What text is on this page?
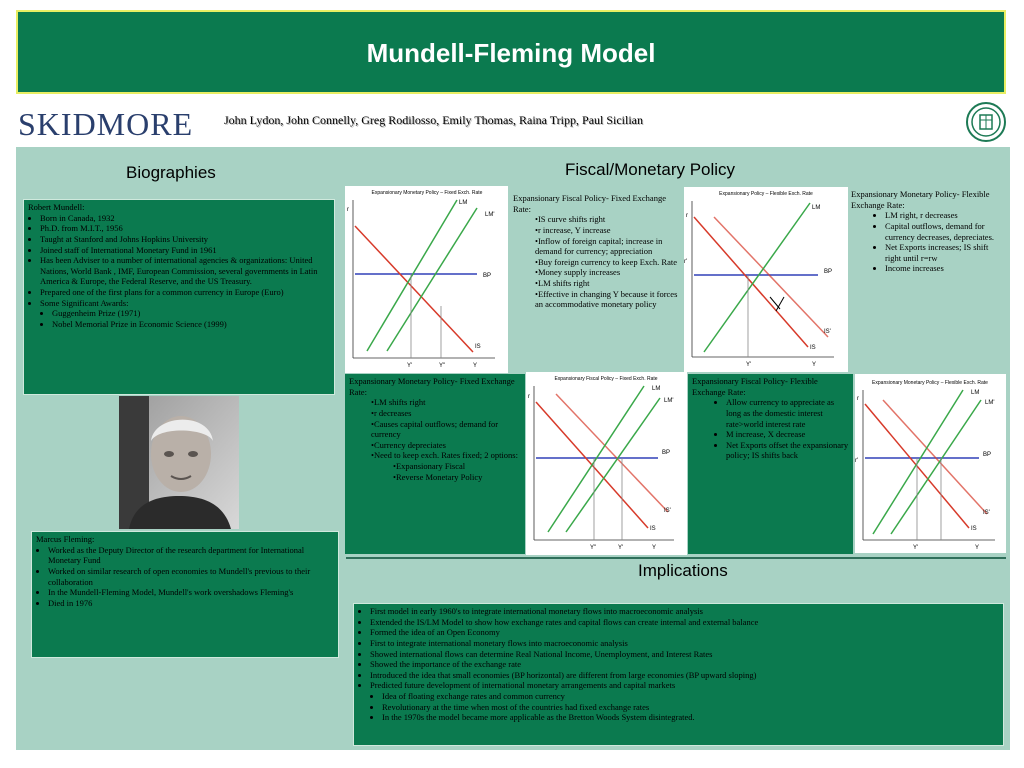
Mundell-Fleming Model
SKIDMORE	John Lydon, John Connelly, Greg Rodilosso, Emily Thomas, Raina Tripp, Paul Sicilian
Biographies
Robert Mundell:
• Born in Canada, 1932
• Ph.D. from M.I.T., 1956
• Taught at Stanford and Johns Hopkins University
• Joined staff of International Monetary Fund in 1961
• Has been Adviser to a number of international agencies & organizations: United Nations, World Bank , IMF, European Commission, several governments in Latin America & Europe, the Federal Reserve, and the US Treasury.
• Prepared one of the first plans for a common currency in Europe (Euro)
• Some Significant Awards:
• Guggenheim Prize (1971)
• Nobel Memorial Prize in Economic Science (1999)
Marcus Fleming:
• Worked as the Deputy Director of the research department for International Monetary Fund
• Worked on similar research of open economies to Mundell's previous to their collaboration
• In the Mundell-Fleming Model, Mundell's work overshadows Fleming's
• Died in 1976
Fiscal/Monetary Policy
Expansionary Monetary Policy – Fixed Exch. Rate
r
LM
LM'
BP
IS
Y'	Y"	Y
Expansionary Fiscal Policy- Fixed Exchange Rate:
•IS curve shifts right
•r increase, Y increase
•Inflow of foreign capital; increase in demand for currency; appreciation
•Buy foreign currency to keep Exch. Rate
•Money supply increases
•LM shifts right
•Effective in changing Y because it forces an accommodative monetary policy
Expansionary Policy – Flexible Exch. Rate
r
r'
LM
BP
IS'
IS
Y'	Y
Expansionary Monetary Policy- Flexible Exchange Rate:
• LM right, r decreases
• Capital outflows, demand for currency decreases, depreciates.
• Net Exports increases; IS shift right until r=rw
• Income increases
Expansionary Monetary Policy- Fixed Exchange Rate:
•LM shifts right
•r decreases
•Causes capital outflows; demand for currency
•Currency depreciates
•Need to keep exch. Rates fixed; 2 options:
•Expansionary Fiscal
•Reverse Monetary Policy
Expansionary Fiscal Policy – Fixed Exch. Rate
r
LM
LM'
BP
IS'
IS
Y"	Y'	Y
Expansionary Fiscal Policy- Flexible Exchange Rate:
• Allow currency to appreciate as long as the domestic interest rate>world interest rate
• M increase, X decrease
• Net Exports offset the expansionary policy; IS shifts back
Expansionary Monetary Policy – Flexible Exch. Rate
r
r'
LM
LM'
BP
IS'
IS
Y'	Y
Implications
• First model in early 1960's to integrate international monetary flows into macroeconomic analysis
• Extended the IS/LM Model to show how exchange rates and capital flows can create internal and external balance
• Formed the idea of an Open Economy
• First to integrate international monetary flows into macroeconomic analysis
• Showed international flows can determine Real National Income, Unemployment, and Interest Rates
• Showed the importance of the exchange rate
• Introduced the idea that small economies (BP horizontal) are different from large economies (BP upward sloping)
• Predicted future development of international monetary arrangements and capital markets
• Idea of floating exchange rates and common currency
• Revolutionary at the time when most of the countries had fixed exchange rates
• In the 1970s the model became more applicable as the Bretton Woods System disintegrated.
